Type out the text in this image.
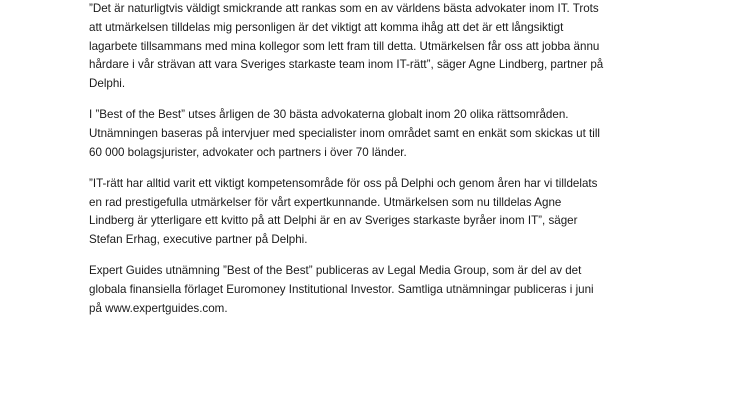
”Det är naturligtvis väldigt smickrande att rankas som en av världens bästa advokater inom IT. Trots
att utmärkelsen tilldelas mig personligen är det viktigt att komma ihåg att det är ett långsiktigt
lagarbete tillsammans med mina kollegor som lett fram till detta. Utmärkelsen får oss att jobba ännu
hårdare i vår strävan att vara Sveriges starkaste team inom IT-rätt”, säger Agne Lindberg, partner på
Delphi.

I ”Best of the Best” utses årligen de 30 bästa advokaterna globalt inom 20 olika rättsområden.
Utnämningen baseras på intervjuer med specialister inom området samt en enkät som skickas ut till
60 000 bolagsjurister, advokater och partners i över 70 länder.

”IT-rätt har alltid varit ett viktigt kompetensområde för oss på Delphi och genom åren har vi tilldelats
en rad prestigefulla utmärkelser för vårt expertkunnande. Utmärkelsen som nu tilldelas Agne
Lindberg är ytterligare ett kvitto på att Delphi är en av Sveriges starkaste byråer inom IT”, säger
Stefan Erhag, executive partner på Delphi.

Expert Guides utnämning ”Best of the Best” publiceras av Legal Media Group, som är del av det
globala finansiella förlaget Euromoney Institutional Investor. Samtliga utnämningar publiceras i juni
på www.expertguides.com.
